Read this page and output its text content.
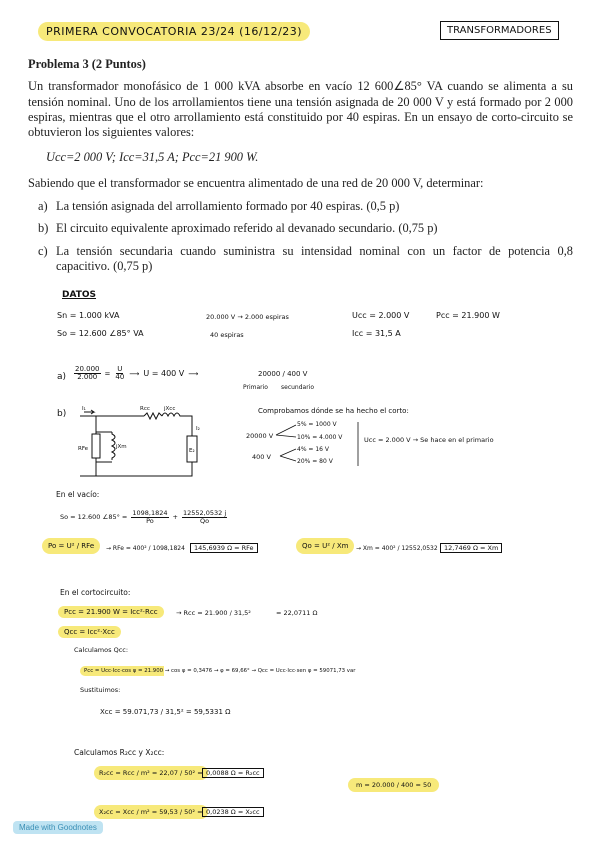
PRIMERA CONVOCATORIA 23/24 (16/12/23)	TRANSFORMADORES

Problema 3 (2 Puntos)

Un transformador monofásico de 1 000 kVA absorbe en vacío 12 600∠85° VA cuando se alimenta a su tensión nominal. Uno de los arrollamientos tiene una tensión asignada de 20 000 V y está formado por 2 000 espiras, mientras que el otro arrollamiento está constituido por 40 espiras. En un ensayo de corto-circuito se obtuvieron los siguientes valores:

Ucc=2 000 V; Icc=31,5 A; Pcc=21 900 W.

Sabiendo que el transformador se encuentra alimentado de una red de 20 000 V, determinar:

a) La tensión asignada del arrollamiento formado por 40 espiras. (0,5 p)
b) El circuito equivalente aproximado referido al devanado secundario. (0,75 p)
c) La tensión secundaria cuando suministra su intensidad nominal con un factor de potencia 0,8 capacitivo. (0,75 p)
DATOS
Sn = 1.000 kVA
So = 12.600 ∠85° VA
20.000 V → 2.000 espiras
40 espiras
Ucc = 2.000 V	Pcc = 21.900 W
Icc = 31,5 A
$a) \frac{20.000}{2.000} = \frac{U}{40}$ ⟶ U = 400 V ⟶	20000 / 400 V
Primario secundario
b)	I₁	Rcc	jXcc
I₂
E₂
RFe	jXm
Comprobamos dónde se ha hecho el corto:
20000 V
5% = 1000 V
10% = 4.000 V
400 V
4% = 16 V
20% = 80 V
Ucc = 2.000 V → Se hace en el primario
En el vacío:
So = 12.600 ∠85° = $\frac{1098,1824}{Po} + \frac{12552,0532 j}{Qo}$
Po = U² / RFe	→ RFe = 400² / 1098,1824	145,6939 Ω = RFe	Qo = U² / Xm	→ Xm = 400² / 12552,0532 12,7469 Ω = Xm
En el cortocircuito:
Pcc = 21.900 W = Icc²·Rcc	→ Rcc = 21.900 / 31,5²	= 22,0711 Ω
Qcc = Icc²·Xcc
Calculamos Qcc:
Pcc = Ucc·Icc·cos φ = 21.900 → cos φ = 0,3476 → φ = 69,66° → Qcc = Ucc·Icc·sen φ = 59071,73 var
Sustituimos:
Xcc = 59.071,73 / 31,5² = 59,5331 Ω
Calculamos R₂cc y X₂cc:
R₂cc = Rcc / m² = 22,07 / 50² = 0,0088 Ω = R₂cc
X₂cc = Xcc / m² = 59,53 / 50² = 0,0238 Ω = X₂cc
m = 20.000 / 400 = 50
Made with Goodnotes
